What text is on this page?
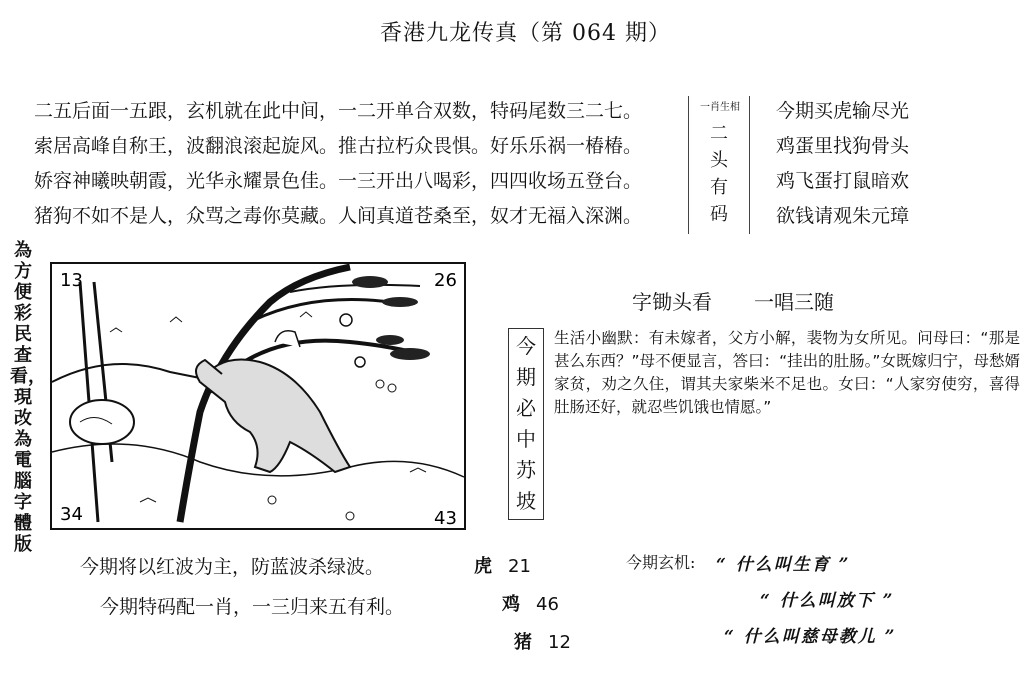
香港九龙传真（第 064 期）
二五后面一五跟，玄机就在此中间，一二开单合双数，特码尾数三二七。
索居高峰自称王，波翻浪滚起旋风。推古拉朽众畏惧。好乐乐祸一椿椿。
娇容神曦映朝霞，光华永耀景色佳。一三开出八喝彩，四四收场五登台。
猪狗不如不是人，众骂之毒你莫藏。人间真道苍桑至，奴才无福入深渊。
一肖生相
二
头
有
码
今期买虎输尽光
鸡蛋里找狗骨头
鸡飞蛋打鼠暗欢
欲钱请观朱元璋
為方便彩民查看，現改為電腦字體版
13	26
34	43
字锄头看 一唱三随
今
期
必
中
苏
坡
生活小幽默：有未嫁者，父方小解，裴物为女所见。问母曰：“那是甚么东西？”母不便显言，答曰：“挂出的肚肠。”女既嫁归宁，母愁婿家贫，劝之久住，谓其夫家柴米不足也。女曰：“人家穷使穷，喜得肚肠还好，就忍些饥饿也情愿。”
今期将以红波为主，防蓝波杀绿波。
今期特码配一肖，一三归来五有利。
虎 21
鸡 46
猪 12
今期玄机: “ 什么叫生育 ”
“ 什么叫放下 ”
“ 什么叫慈母教儿 ”
